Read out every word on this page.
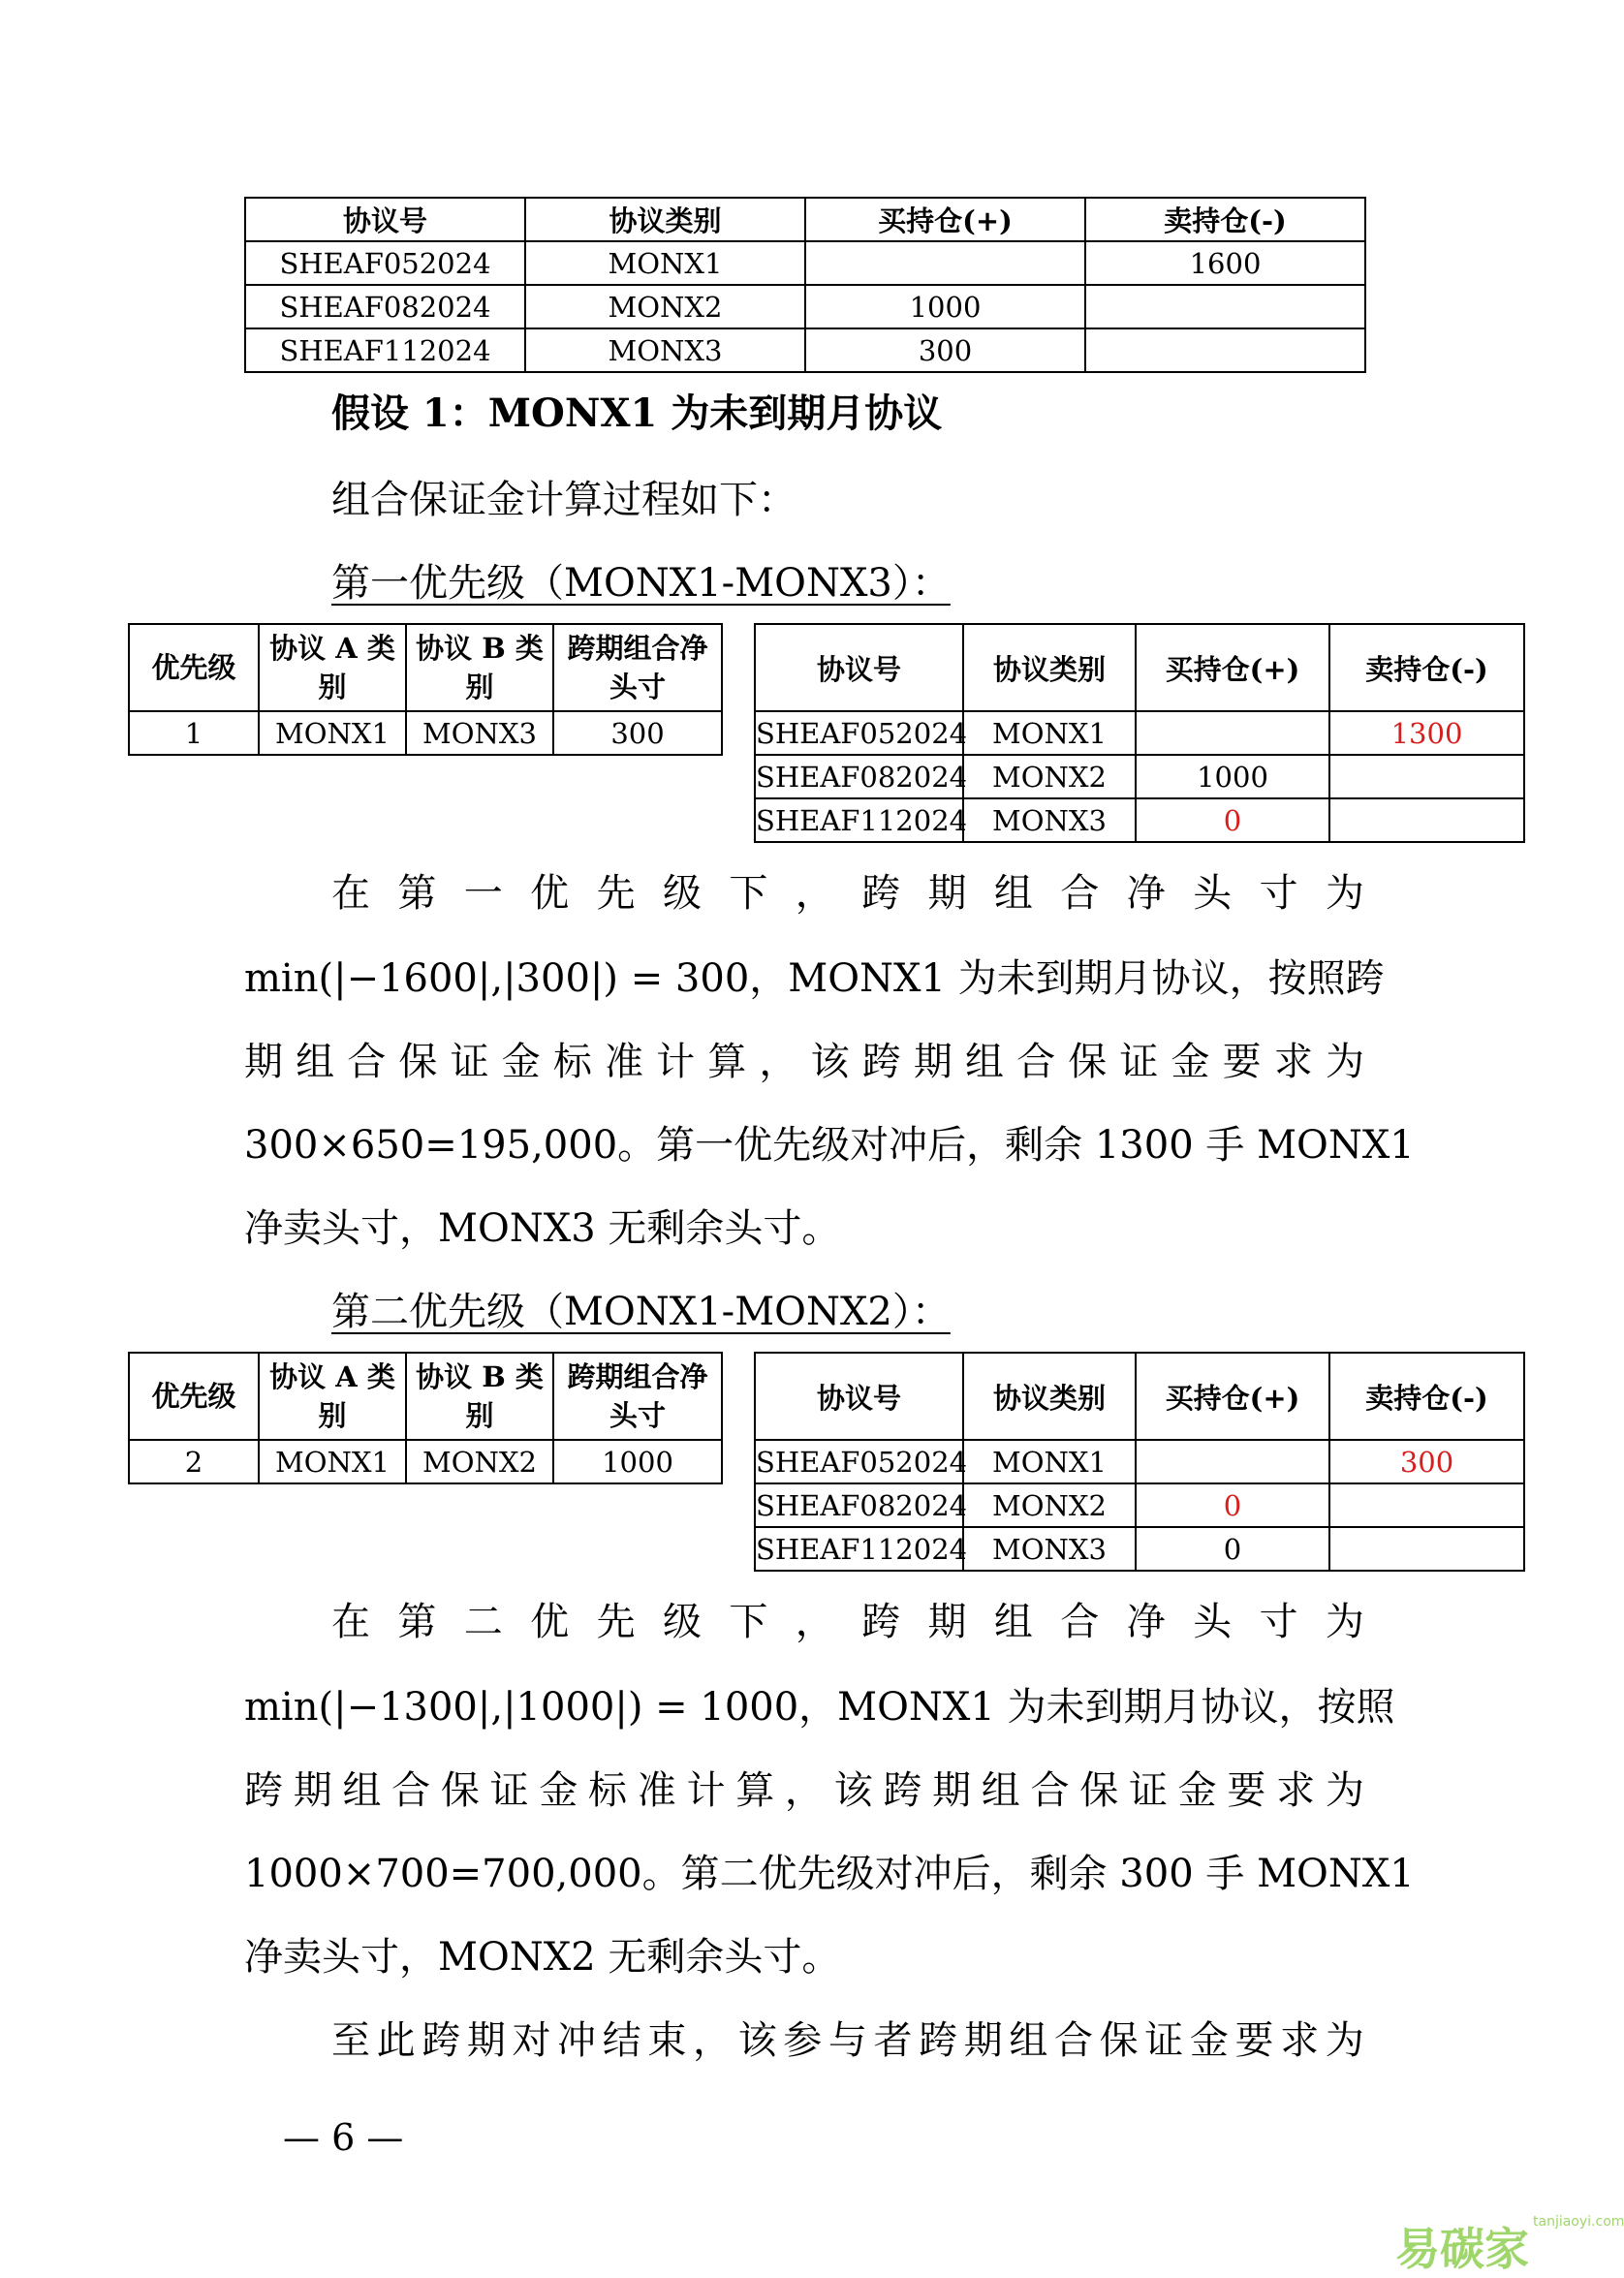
协议号	协议类别	买持仓(+)	卖持仓(-)
SHEAF052024	MONX1		1600
SHEAF082024	MONX2	1000	
SHEAF112024	MONX3	300	
假设 1：MONX1 为未到期月协议
组合保证金计算过程如下：
第一优先级（MONX1-MONX3）：
优先级	协议 A 类别	协议 B 类别	跨期组合净头寸
1	MONX1	MONX3	300
协议号	协议类别	买持仓(+)	卖持仓(-)
SHEAF052024	MONX1		1300
SHEAF082024	MONX2	1000	
SHEAF112024	MONX3	0	
在 第 一 优 先 级 下 ， 跨 期 组 合 净 头 寸 为
min(|−1600|,|300|) = 300，MONX1 为未到期月协议，按照跨
期 组 合 保 证 金 标 准 计 算 ， 该 跨 期 组 合 保 证 金 要 求 为
300×650=195,000。第一优先级对冲后，剩余 1300 手 MONX1
净卖头寸，MONX3 无剩余头寸。
第二优先级（MONX1-MONX2）：
优先级	协议 A 类别	协议 B 类别	跨期组合净头寸
2	MONX1	MONX2	1000
协议号	协议类别	买持仓(+)	卖持仓(-)
SHEAF052024	MONX1		300
SHEAF082024	MONX2	0	
SHEAF112024	MONX3	0	
在 第 二 优 先 级 下 ， 跨 期 组 合 净 头 寸 为
min(|−1300|,|1000|) = 1000，MONX1 为未到期月协议，按照
跨 期 组 合 保 证 金 标 准 计 算 ， 该 跨 期 组 合 保 证 金 要 求 为
1000×700=700,000。第二优先级对冲后，剩余 300 手 MONX1
净卖头寸，MONX2 无剩余头寸。
至 此 跨 期 对 冲 结 束 ， 该 参 与 者 跨 期 组 合 保 证 金 要 求 为
— 6 —
易碳家$^{tanjiaoyi.com}$
